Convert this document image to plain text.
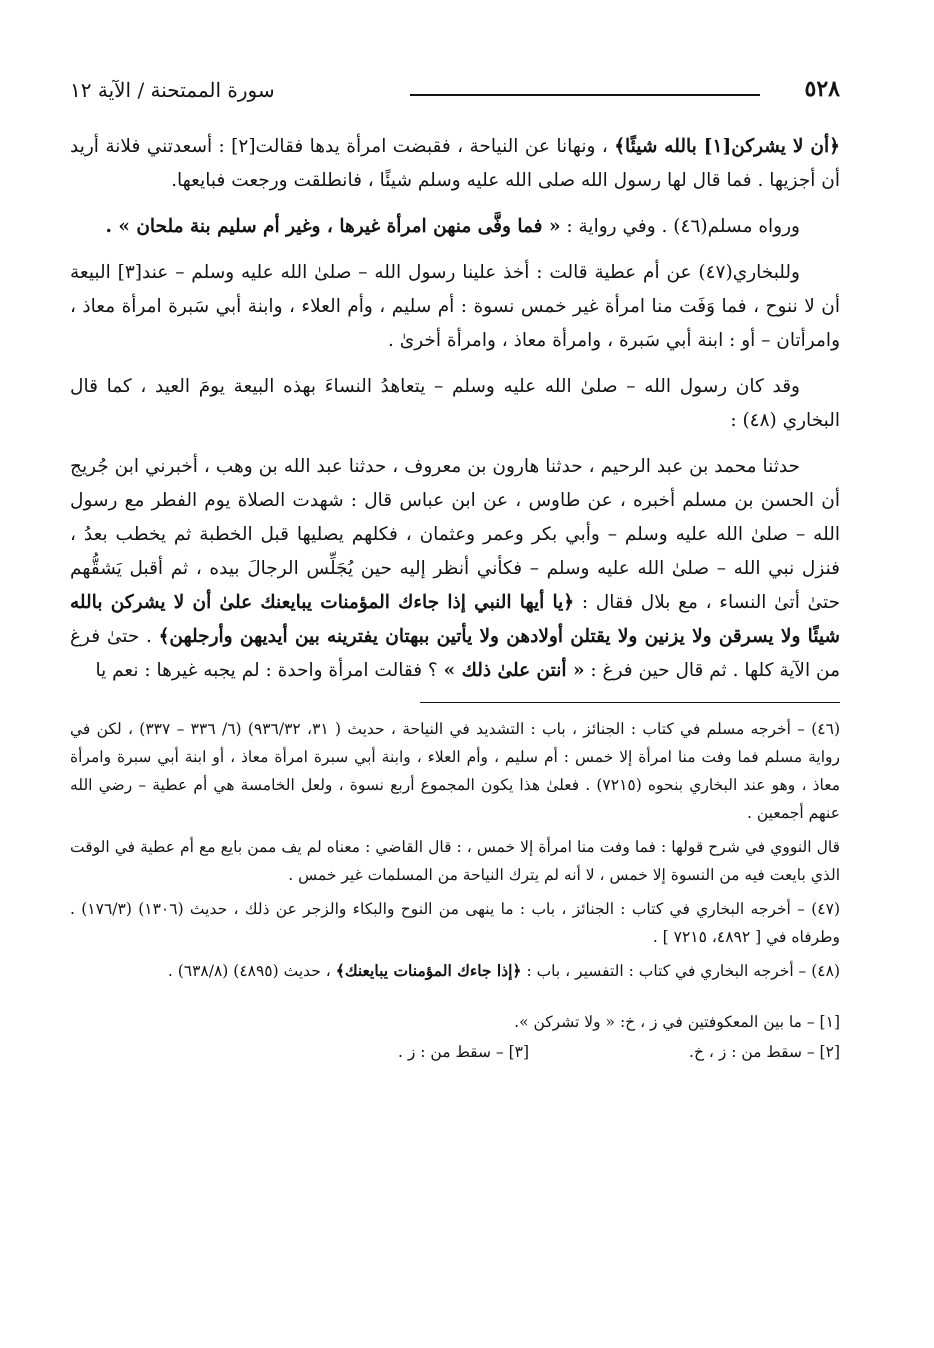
٥٢٨
سورة الممتحنة / الآية ١٢

﴿أن لا يشركن[١] بالله شيئًا﴾ ، ونهانا عن النياحة ، فقبضت امرأة يدها فقالت[٢] : أسعدتني فلانة أريد أن أجزيها . فما قال لها رسول الله صلى الله عليه وسلم شيئًا ، فانطلقت ورجعت فبايعها.

ورواه مسلم(٤٦) . وفي رواية : « فما وفَّى منهن امرأة غيرها ، وغير أم سليم بنة ملحان » .

وللبخاري(٤٧) عن أم عطية قالت : أخذ علينا رسول الله – صلىٰ الله عليه وسلم – عند[٣] البيعة أن لا ننوح ، فما وَفَت منا امرأة غير خمس نسوة : أم سليم ، وأم العلاء ، وابنة أبي سَبرة امرأة معاذ ، وامرأتان – أو : ابنة أبي سَبرة ، وامرأة معاذ ، وامرأة أخرىٰ .

وقد كان رسول الله – صلىٰ الله عليه وسلم – يتعاهدُ النساءَ بهذه البيعة يومَ العيد ، كما قال البخاري (٤٨) :

حدثنا محمد بن عبد الرحيم ، حدثنا هارون بن معروف ، حدثنا عبد الله بن وهب ، أخبرني ابن جُريج أن الحسن بن مسلم أخبره ، عن طاوس ، عن ابن عباس قال : شهدت الصلاة يوم الفطر مع رسول الله – صلىٰ الله عليه وسلم – وأبي بكر وعمر وعثمان ، فكلهم يصليها قبل الخطبة ثم يخطب بعدُ ، فنزل نبي الله – صلىٰ الله عليه وسلم – فكأني أنظر إليه حين يُجَلِّس الرجالَ بيده ، ثم أقبل يَشقُّهم حتىٰ أتىٰ النساء ، مع بلال فقال : ﴿يا أيها النبي إذا جاءك المؤمنات يبايعنك علىٰ أن لا يشركن بالله شيئًا ولا يسرقن ولا يزنين ولا يقتلن أولادهن ولا يأتين ببهتان يفترينه بين أيديهن وأرجلهن﴾ . حتىٰ فرغ من الآية كلها . ثم قال حين فرغ : « أنتن علىٰ ذلك » ؟ فقالت امرأة واحدة : لم يجبه غيرها : نعم يا

(٤٦) – أخرجه مسلم في كتاب : الجنائز ، باب : التشديد في النياحة ، حديث ( ٣١، ٩٣٦/٣٢) (٦/ ٣٣٦ – ٣٣٧) ، لكن في رواية مسلم فما وفت منا امرأة إلا خمس : أم سليم ، وأم العلاء ، وابنة أبي سبرة امرأة معاذ ، أو ابنة أبي سبرة وامرأة معاذ ، وهو عند البخاري بنحوه (٧٢١٥) . فعلىٰ هذا يكون المجموع أربع نسوة ، ولعل الخامسة هي أم عطية – رضي الله عنهم أجمعين .

قال النووي في شرح قولها : فما وفت منا امرأة إلا خمس ، : قال القاضي : معناه لم يف ممن بايع مع أم عطية في الوقت الذي بايعت فيه من النسوة إلا خمس ، لا أنه لم يترك النياحة من المسلمات غير خمس .

(٤٧) – أخرجه البخاري في كتاب : الجنائز ، باب : ما ينهى من النوح والبكاء والزجر عن ذلك ، حديث (١٣٠٦) (١٧٦/٣) . وطرفاه في [ ٤٨٩٢، ٧٢١٥ ] .

(٤٨) – أخرجه البخاري في كتاب : التفسير ، باب : ﴿إذا جاءك المؤمنات يبايعنك﴾ ، حديث (٤٨٩٥) (٦٣٨/٨) .

[١] – ما بين المعكوفتين في ز ، خ: « ولا تشركن ».
[٢] – سقط من : ز ، خ.
[٣] – سقط من : ز .
